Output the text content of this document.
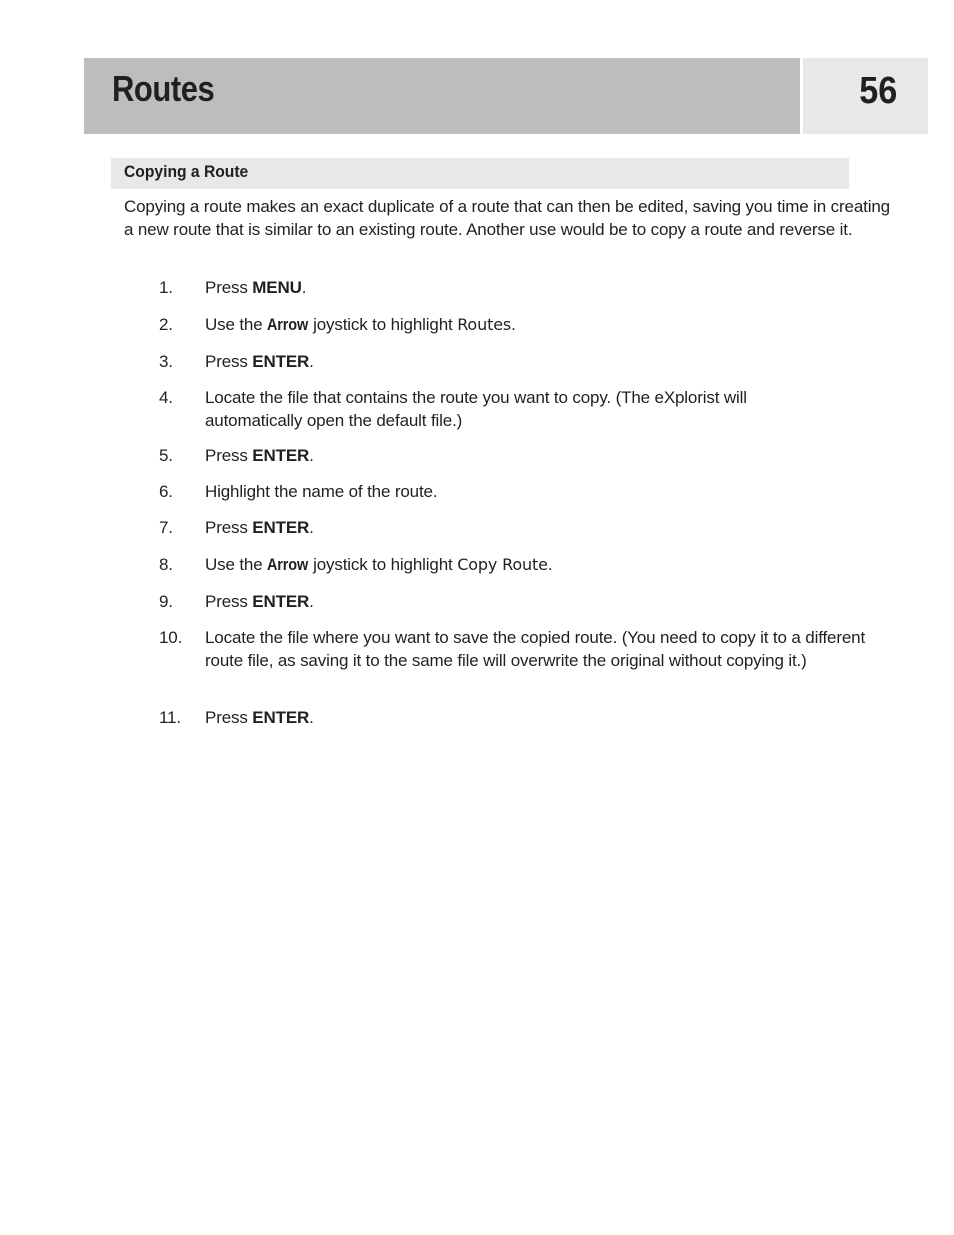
Routes	56
Copying a Route

Copying a route makes an exact duplicate of a route that can then be edited, saving you time in creating a new route that is similar to an existing route. Another use would be to copy a route and reverse it.

1. Press MENU.
2. Use the Arrow joystick to highlight Routes.
3. Press ENTER.
4. Locate the file that contains the route you want to copy. (The eXplorist will automatically open the default file.)
5. Press ENTER.
6. Highlight the name of the route.
7. Press ENTER.
8. Use the Arrow joystick to highlight Copy Route.
9. Press ENTER.
10. Locate the file where you want to save the copied route. (You need to copy it to a different route file, as saving it to the same file will overwrite the original without copying it.)
11. Press ENTER.
